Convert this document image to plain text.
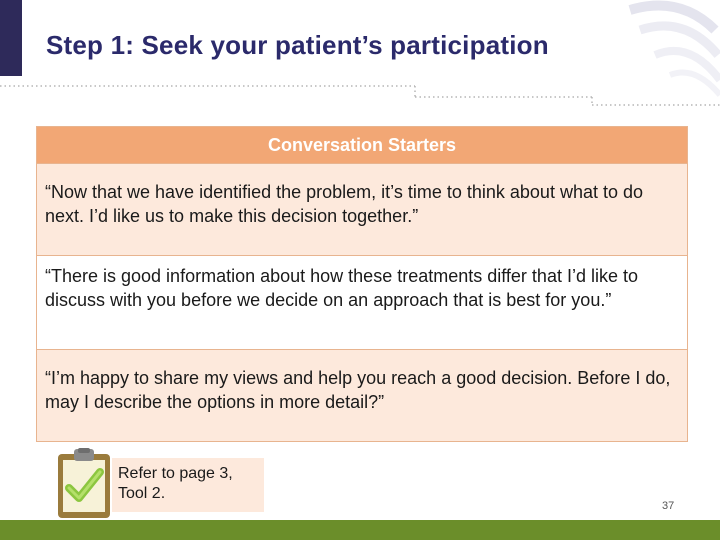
Step 1: Seek your patient’s participation
Conversation Starters
“Now that we have identified the problem, it’s time to think about what to do next. I’d like us to make this decision together.”
“There is good information about how these treatments differ that I’d like to discuss with you before we decide on an approach that is best for you.”
“I’m happy to share my views and help you reach a good decision. Before I do, may I describe the options in more detail?”
Refer to page 3, Tool 2.
37
